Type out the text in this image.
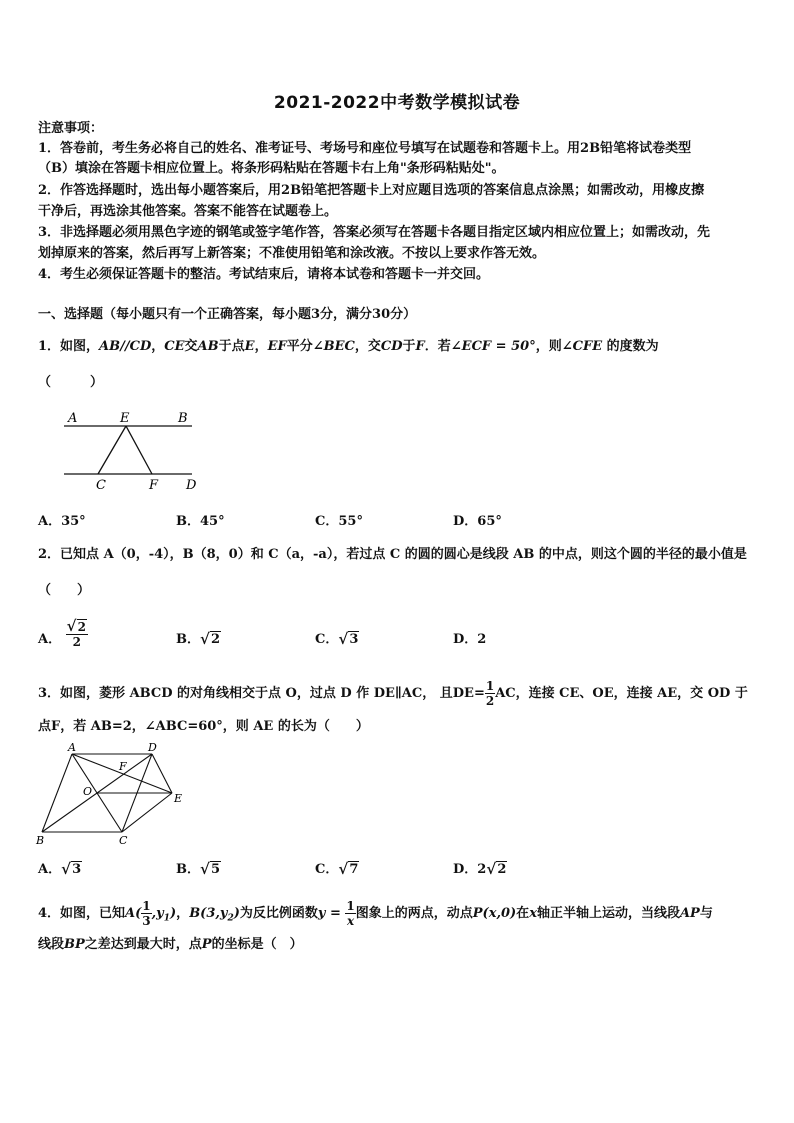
2021-2022中考数学模拟试卷
注意事项：
1．答卷前，考生务必将自己的姓名、准考证号、考场号和座位号填写在试题卷和答题卡上。用2B铅笔将试卷类型
（B）填涂在答题卡相应位置上。将条形码粘贴在答题卡右上角"条形码粘贴处"。
2．作答选择题时，选出每小题答案后，用2B铅笔把答题卡上对应题目选项的答案信息点涂黑；如需改动，用橡皮擦
干净后，再选涂其他答案。答案不能答在试题卷上。
3．非选择题必须用黑色字迹的钢笔或签字笔作答，答案必须写在答题卡各题目指定区域内相应位置上；如需改动，先
划掉原来的答案，然后再写上新答案；不准使用铅笔和涂改液。不按以上要求作答无效。
4．考生必须保证答题卡的整洁。考试结束后，请将本试卷和答题卡一并交回。
一、选择题（每小题只有一个正确答案，每小题3分，满分30分）
1．如图，AB//CD，CE交AB于点E，EF平分∠BEC，交CD于F．若∠ECF = 50°，则∠CFE 的度数为
（　　　）
A	E	B
C	F D
A．35°	B．45°	C．55°	D．65°
2．已知点 A（0，-4），B（8，0）和 C（a，-a），若过点 C 的圆的圆心是线段 AB 的中点，则这个圆的半径的最小值是
（　　）
A． √ $\frac{2}{2}$	B． √ 2	C． √ 3	D．2
3．如图，菱形 ABCD 的对角线相交于点 O，过点 D 作 DE∥AC， 且$DE= \frac{1}{2}$ AC，连接 CE、OE，连接 AE，交 OD 于
点F，若 AB=2，∠ABC=60°，则 AE 的长为（　　）
A	D
F
O
E
B	C
A． √ 3	B． √ 5	C． √ 7	D．2 √ 2
4．如图，已知$A( \frac{1}{3} ,y_1)$，$B(3,y_2)$为反比例函数$y = \frac{1}{x}$ 图象上的两点，动点P(x,0)在x轴正半轴上运动，当线段AP与
线段BP之差达到最大时，点P的坐标是（　）
